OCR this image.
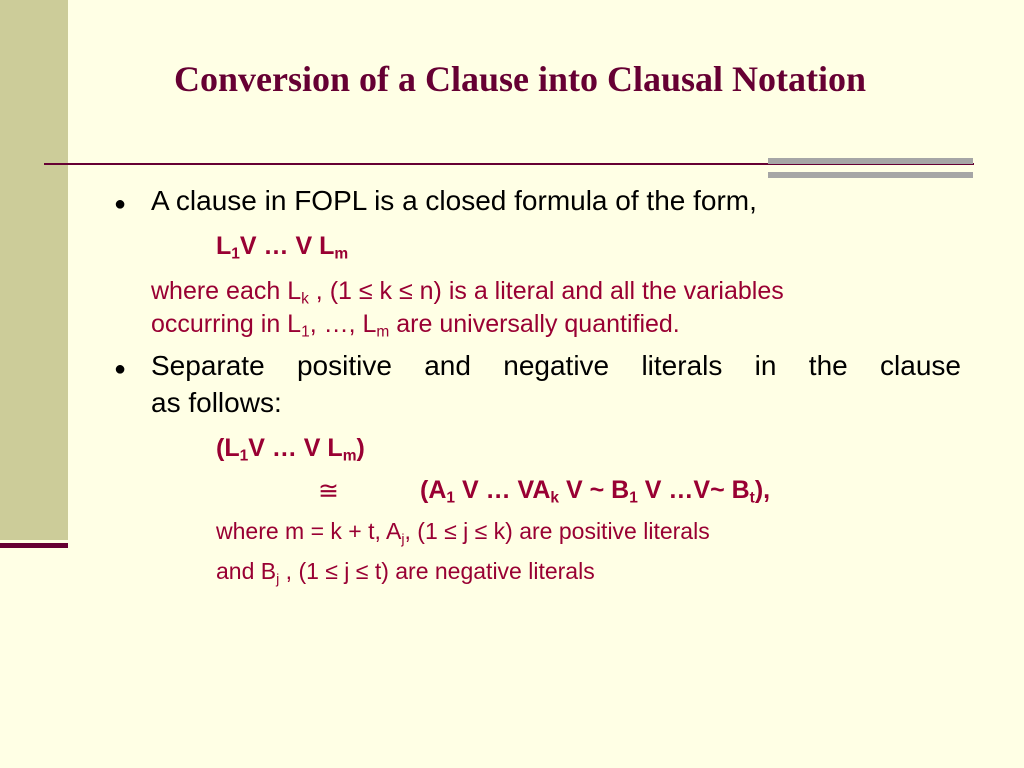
Conversion of a Clause into Clausal Notation
● A clause in FOPL is a closed formula of the form,
$L_1V$ … V $L_m$
where each $L_k$ , (1 ≤ k ≤ n) is a literal and all the variables
occurring in $L_1$, …, $L_m$ are universally quantified.
● Separate positive and negative literals in the clause
as follows:
($L_1V$ … V $L_m$)
≅	($A_1$ V … $VA_k$ V ~ $B_1$ V …V~ $B_t$),
where m = k + t, $A_j$, (1 ≤ j ≤ k) are positive literals
and $B_j$ , (1 ≤ j ≤ t) are negative literals
